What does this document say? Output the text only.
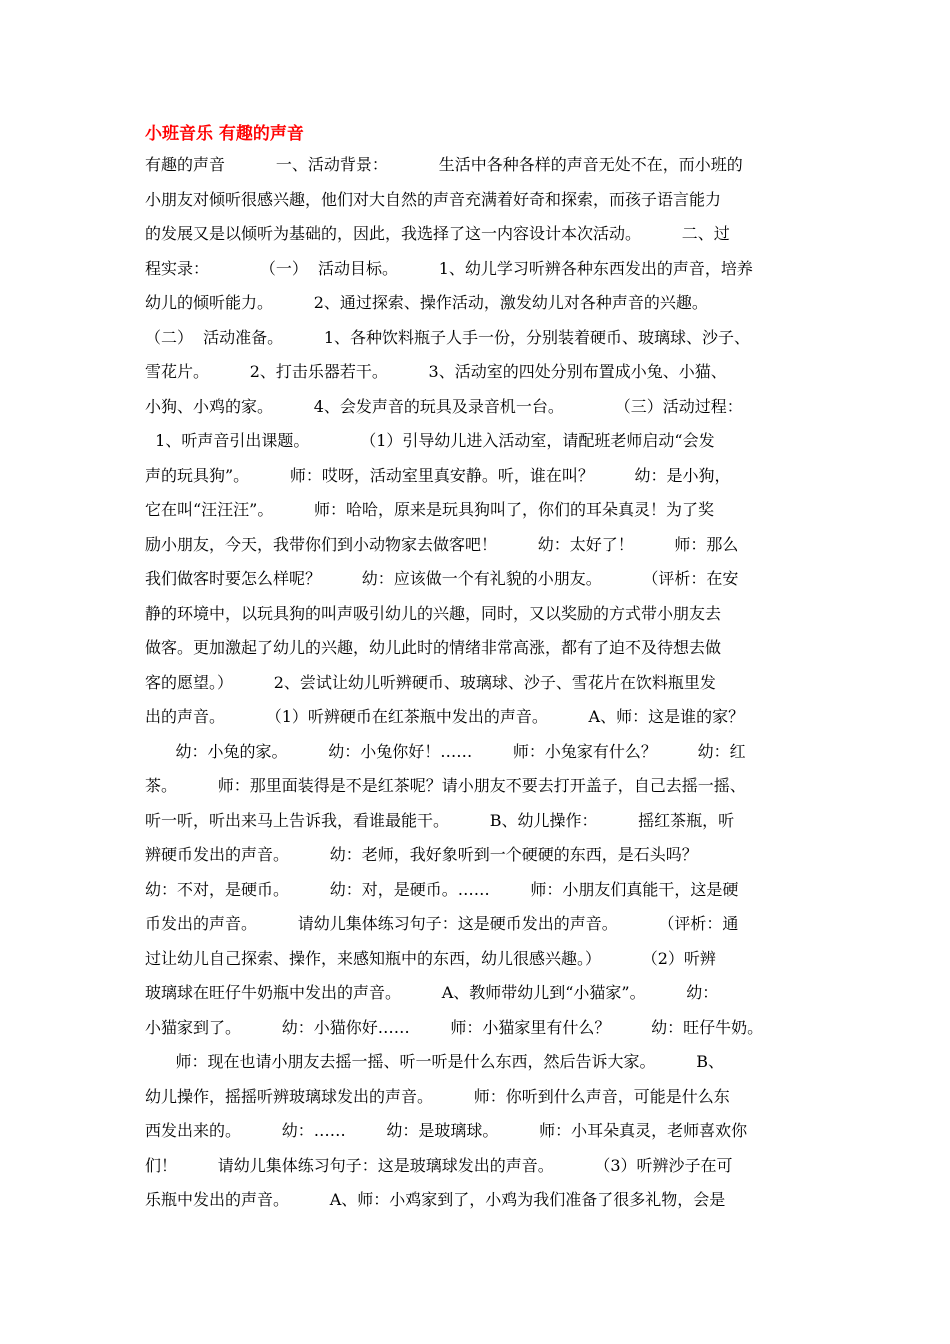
小班音乐 有趣的声音
有趣的声音          一、活动背景：          生活中各种各样的声音无处不在，而小班的
小朋友对倾听很感兴趣，他们对大自然的声音充满着好奇和探索，而孩子语言能力
的发展又是以倾听为基础的，因此，我选择了这一内容设计本次活动。        二、过
程实录：          （一）  活动目标。        1、幼儿学习听辨各种东西发出的声音，培养
幼儿的倾听能力。        2、通过探索、操作活动，激发幼儿对各种声音的兴趣。
（二）  活动准备。        1、各种饮料瓶子人手一份，分别装着硬币、玻璃球、沙子、
雪花片。        2、打击乐器若干。        3、活动室的四处分别布置成小兔、小猫、
小狗、小鸡的家。        4、会发声音的玩具及录音机一台。          （三）活动过程：
1、听声音引出课题。          （1）引导幼儿进入活动室，请配班老师启动“会发
声的玩具狗”。        师：哎呀，活动室里真安静。听，谁在叫？        幼：是小狗，
它在叫“汪汪汪”。        师：哈哈，原来是玩具狗叫了，你们的耳朵真灵！为了奖
励小朋友，今天，我带你们到小动物家去做客吧！        幼：太好了！        师：那么
我们做客时要怎么样呢？        幼：应该做一个有礼貌的小朋友。        （评析：在安
静的环境中，以玩具狗的叫声吸引幼儿的兴趣，同时，又以奖励的方式带小朋友去
做客。更加激起了幼儿的兴趣，幼儿此时的情绪非常高涨，都有了迫不及待想去做
客的愿望。）        2、尝试让幼儿听辨硬币、玻璃球、沙子、雪花片在饮料瓶里发
出的声音。        （1）听辨硬币在红茶瓶中发出的声音。        A、师：这是谁的家？
幼：小兔的家。        幼：小兔你好！……        师：小兔家有什么？        幼：红
茶。        师：那里面装得是不是红茶呢？请小朋友不要去打开盖子，自己去摇一摇、
听一听，听出来马上告诉我，看谁最能干。        B、幼儿操作：        摇红茶瓶，听
辨硬币发出的声音。        幼：老师，我好象听到一个硬硬的东西，是石头吗？
幼：不对，是硬币。        幼：对，是硬币。……        师：小朋友们真能干，这是硬
币发出的声音。        请幼儿集体练习句子：这是硬币发出的声音。        （评析：通
过让幼儿自己探索、操作，来感知瓶中的东西，幼儿很感兴趣。）        （2）听辨
玻璃球在旺仔牛奶瓶中发出的声音。        A、教师带幼儿到“小猫家”。        幼：
小猫家到了。        幼：小猫你好……        师：小猫家里有什么？        幼：旺仔牛奶。
师：现在也请小朋友去摇一摇、听一听是什么东西，然后告诉大家。        B、
幼儿操作，摇摇听辨玻璃球发出的声音。        师：你听到什么声音，可能是什么东
西发出来的。        幼：……        幼：是玻璃球。        师：小耳朵真灵，老师喜欢你
们！        请幼儿集体练习句子：这是玻璃球发出的声音。        （3）听辨沙子在可
乐瓶中发出的声音。        A、师：小鸡家到了，小鸡为我们准备了很多礼物，会是
